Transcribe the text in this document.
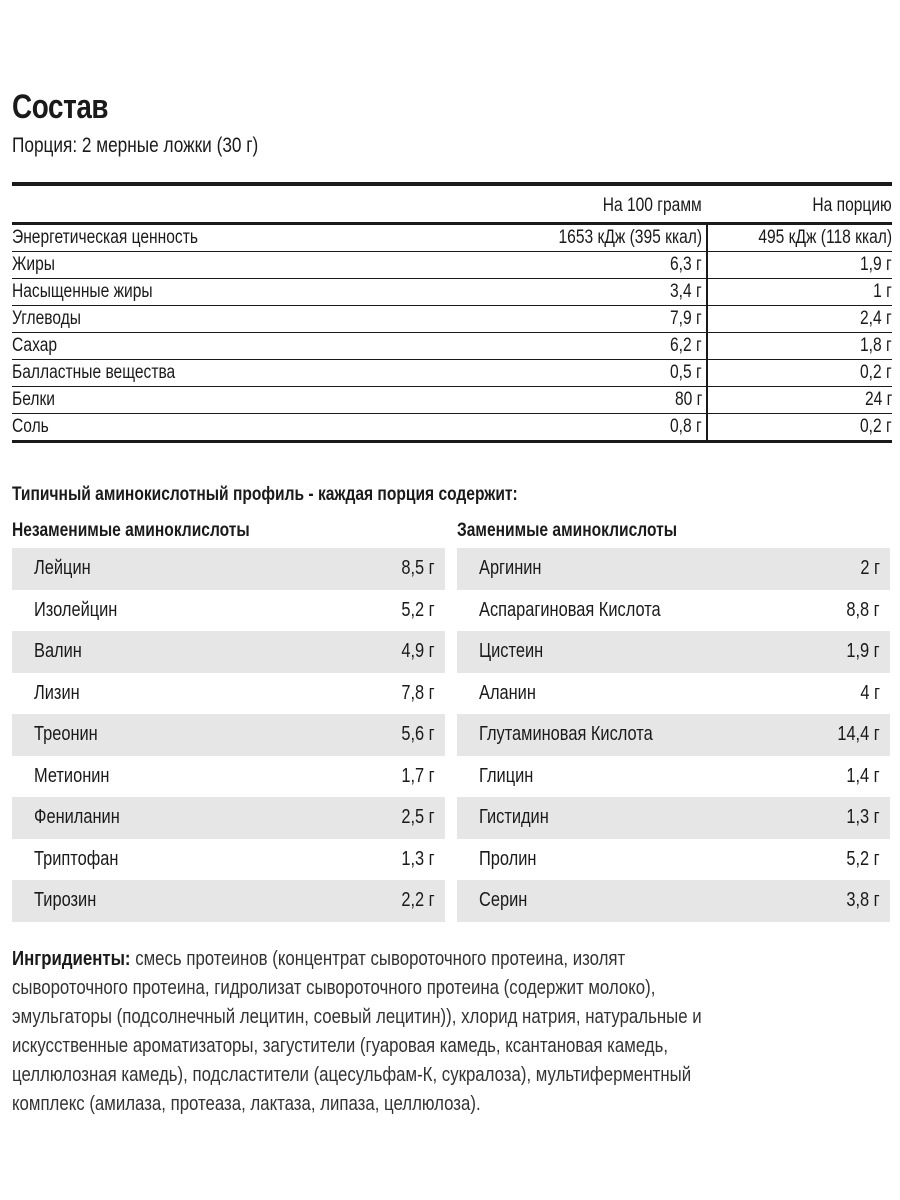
Состав
Порция: 2 мерные ложки (30 г)
На 100 грамм	На порцию
Энергетическая ценность	1653 кДж (395 ккал)	495 кДж (118 ккал)
Жиры	6,3 г	1,9 г
Насыщенные жиры	3,4 г	1 г
Углеводы	7,9 г	2,4 г
Сахар	6,2 г	1,8 г
Балластные вещества	0,5 г	0,2 г
Белки	80 г	24 г
Соль	0,8 г	0,2 г
Типичный аминокислотный профиль - каждая порция содержит:
Незаменимые аминоклислоты
Лейцин	8,5 г
Изолейцин	5,2 г
Валин	4,9 г
Лизин	7,8 г
Треонин	5,6 г
Метионин	1,7 г
Фениланин	2,5 г
Триптофан	1,3 г
Тирозин	2,2 г
Заменимые аминоклислоты
Аргинин	2 г
Аспарагиновая Кислота	8,8 г
Цистеин	1,9 г
Аланин	4 г
Глутаминовая Кислота	14,4 г
Глицин	1,4 г
Гистидин	1,3 г
Пролин	5,2 г
Серин	3,8 г
Ингридиенты: смесь протеинов (концентрат сывороточного протеина, изолят
сывороточного протеина, гидролизат сывороточного протеина (содержит молоко),
эмульгаторы (подсолнечный лецитин, соевый лецитин)), хлорид натрия, натуральные и
искусственные ароматизаторы, загустители (гуаровая камедь, ксантановая камедь,
целлюлозная камедь), подсластители (ацесульфам-К, сукралоза), мультиферментный
комплекс (амилаза, протеаза, лактаза, липаза, целлюлоза).
